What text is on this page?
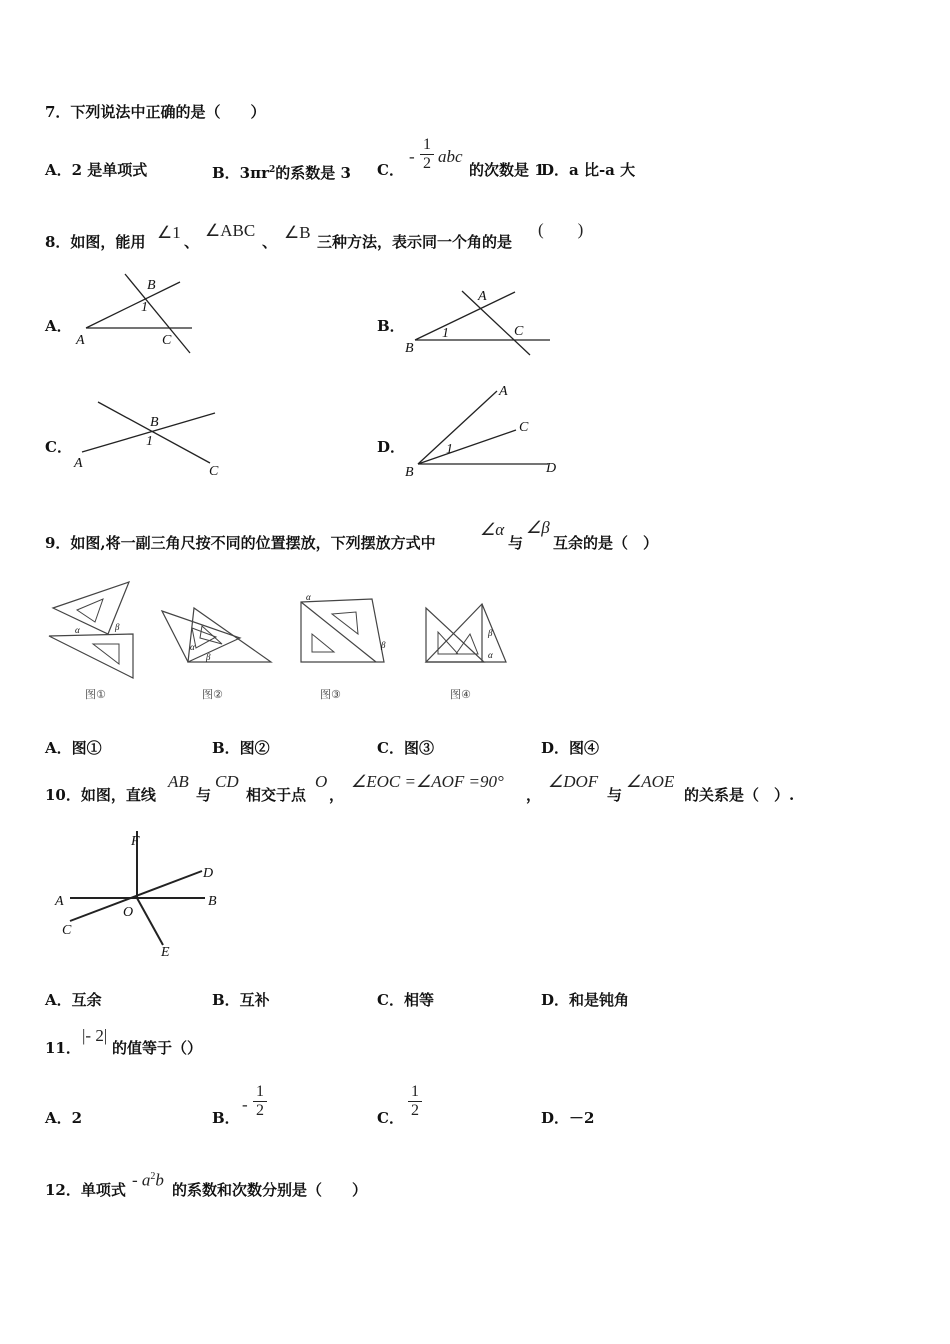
7．下列说法中正确的是（　　）
A．2 是单项式	B．$3\pi r^2$的系数是 3 C．
-
1
2 abc
的次数是 1
D．a 比-a 大
8．如图，能用 ∠1 、
∠ABC
、 ∠B 三种方法，表示同一个角的是
(　　)
A．
A
B
1
C
B．
B
A
1	C
C．
A
B
1
C
D．
B
A
C
D
1
9．如图,将一副三角尺按不同的位置摆放，下列摆放方式中
∠α
与
∠β
互余的是（　）
α	β
图①
α
β
图②
α
β
图③
β
α
图④
A．图①	B．图②	C．图③	D．图④
10．如图，直线
AB
与
CD
相交于点
O
，
∠EOC =∠AOF =90°
，
∠DOF
与
∠AOE
的关系是（　）.
F
D
A	B
O
C
E
A．互余	B．互补	C．相等	D．和是钝角
11．
|- 2|
的值等于（）
A．2	B．
-
1
2	C．
1
2	D．－2
12．单项式
- $a^2b$
的系数和次数分别是（　　）
